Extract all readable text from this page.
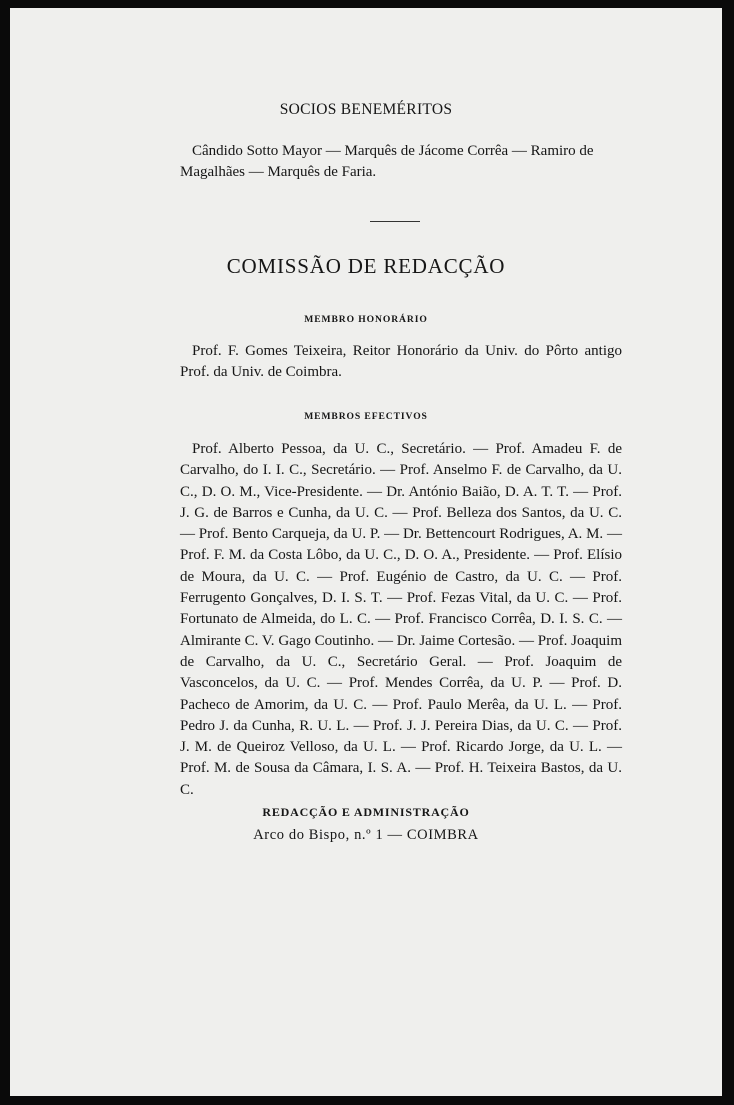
SOCIOS BENEMÉRITOS
Cândido Sotto Mayor — Marquês de Jácome Corrêa — Ramiro de Magalhães — Marquês de Faria.
COMISSÃO DE REDACÇÃO
MEMBRO HONORÁRIO
Prof. F. Gomes Teixeira, Reitor Honorário da Univ. do Pôrto antigo Prof. da Univ. de Coimbra.
MEMBROS EFECTIVOS
Prof. Alberto Pessoa, da U. C., Secretário. — Prof. Amadeu F. de Carvalho, do I. I. C., Secretário. — Prof. Anselmo F. de Carvalho, da U. C., D. O. M., Vice-Presidente. — Dr. António Baião, D. A. T. T. — Prof. J. G. de Barros e Cunha, da U. C. — Prof. Belleza dos Santos, da U. C. — Prof. Bento Carqueja, da U. P. — Dr. Bettencourt Rodrigues, A. M. — Prof. F. M. da Costa Lôbo, da U. C., D. O. A., Presidente. — Prof. Elísio de Moura, da U. C. — Prof. Eugénio de Castro, da U. C. — Prof. Ferrugento Gonçalves, D. I. S. T. — Prof. Fezas Vital, da U. C. — Prof. Fortunato de Almeida, do L. C. — Prof. Francisco Corrêa, D. I. S. C. — Almirante C. V. Gago Coutinho. — Dr. Jaime Cortesão. — Prof. Joaquim de Carvalho, da U. C., Secretário Geral. — Prof. Joaquim de Vasconcelos, da U. C. — Prof. Mendes Corrêa, da U. P. — Prof. D. Pacheco de Amorim, da U. C. — Prof. Paulo Merêa, da U. L. — Prof. Pedro J. da Cunha, R. U. L. — Prof. J. J. Pereira Dias, da U. C. — Prof. J. M. de Queiroz Velloso, da U. L. — Prof. Ricardo Jorge, da U. L. — Prof. M. de Sousa da Câmara, I. S. A. — Prof. H. Teixeira Bastos, da U. C.
REDACÇÃO E ADMINISTRAÇÃO
Arco do Bispo, n.º 1 — COIMBRA
